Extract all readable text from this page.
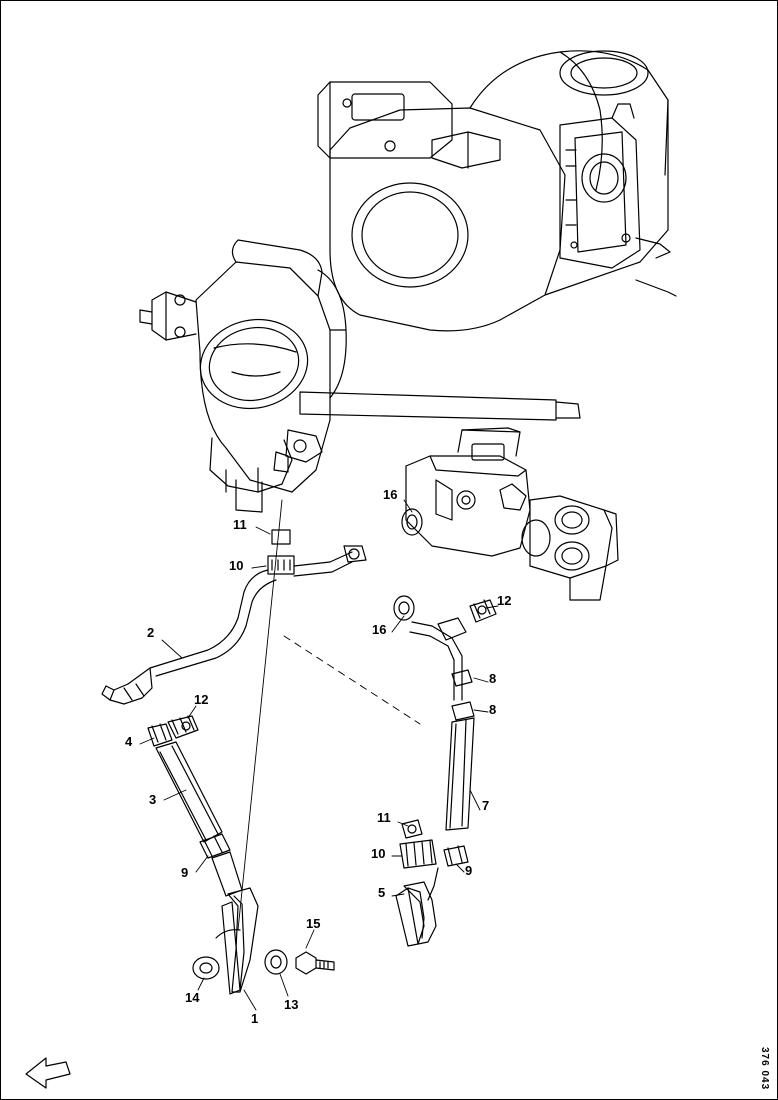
11
10
16
12
16
2
8
8
12
4
3	7
11
10
9	9
5
15
14
1
13
376 043
